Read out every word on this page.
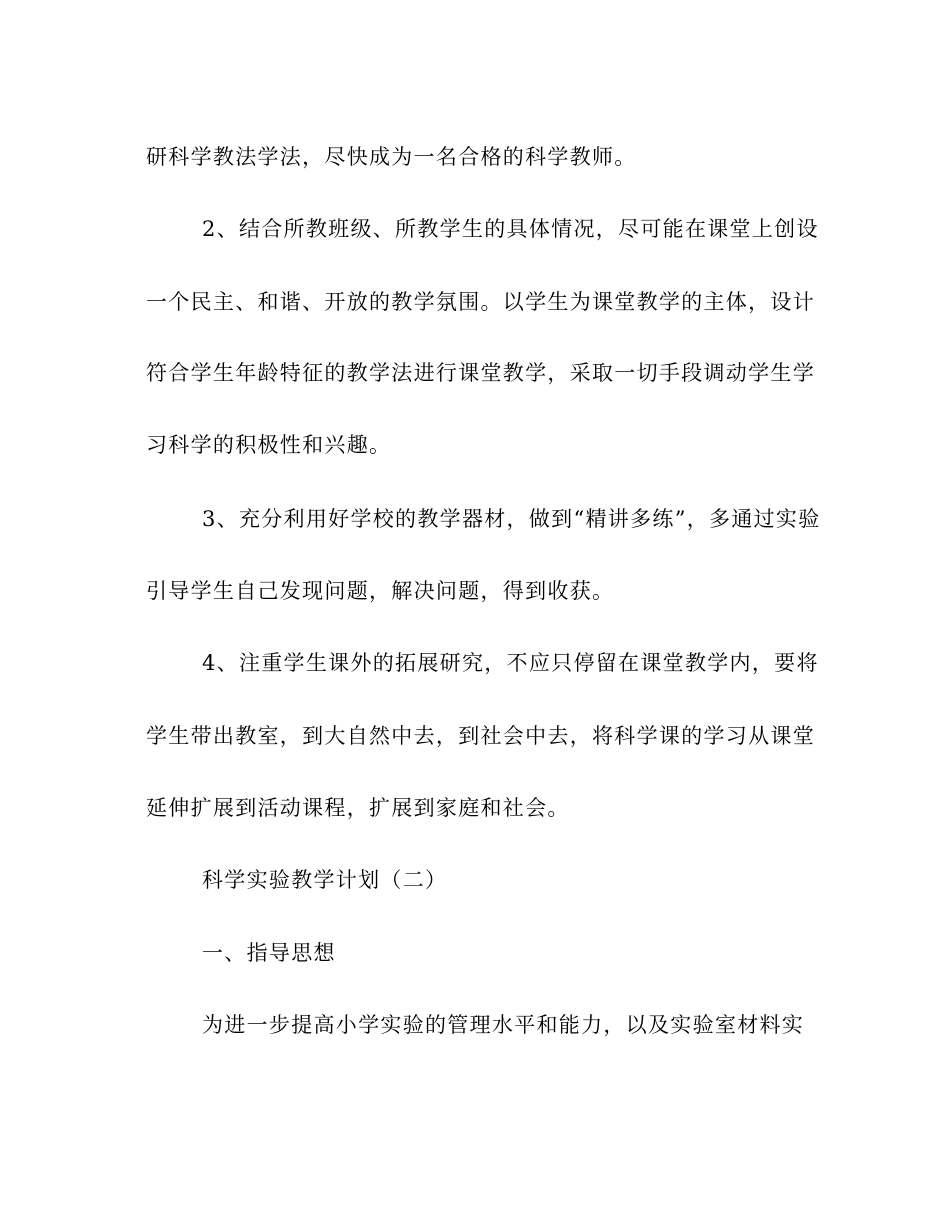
研科学教法学法，尽快成为一名合格的科学教师。
2、结合所教班级、所教学生的具体情况，尽可能在课堂上创设
一个民主、和谐、开放的教学氛围。以学生为课堂教学的主体，设计
符合学生年龄特征的教学法进行课堂教学，采取一切手段调动学生学
习科学的积极性和兴趣。
3、充分利用好学校的教学器材，做到“精讲多练”，多通过实验
引导学生自己发现问题，解决问题，得到收获。
4、注重学生课外的拓展研究，不应只停留在课堂教学内，要将
学生带出教室，到大自然中去，到社会中去，将科学课的学习从课堂
延伸扩展到活动课程，扩展到家庭和社会。
科学实验教学计划（二）
一、指导思想
为进一步提高小学实验的管理水平和能力，以及实验室材料实
